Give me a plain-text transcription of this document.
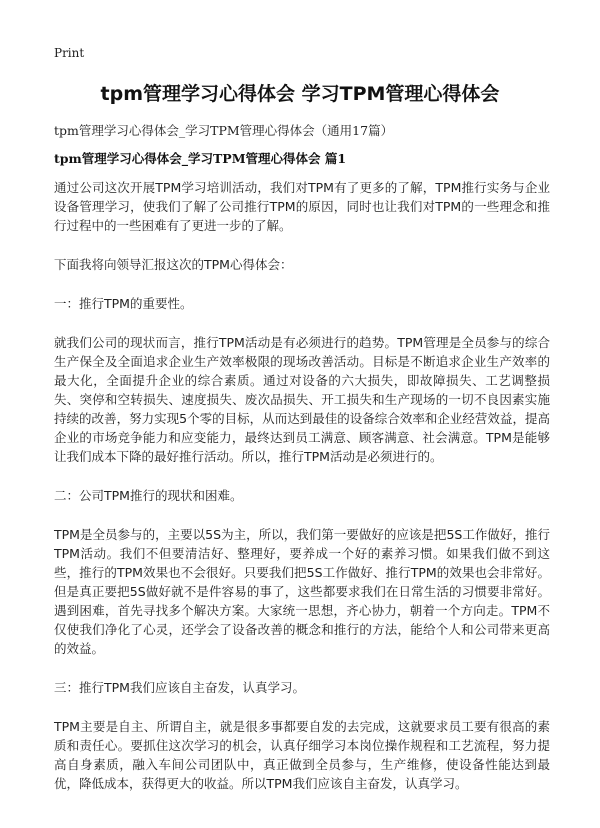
Print
tpm管理学习心得体会 学习TPM管理心得体会
tpm管理学习心得体会_学习TPM管理心得体会（通用17篇）
tpm管理学习心得体会_学习TPM管理心得体会 篇1

通过公司这次开展TPM学习培训活动，我们对TPM有了更多的了解，TPM推行实务与企业设备管理学习，使我们了解了公司推行TPM的原因，同时也让我们对TPM的一些理念和推行过程中的一些困难有了更进一步的了解。

下面我将向领导汇报这次的TPM心得体会：

一：推行TPM的重要性。

就我们公司的现状而言，推行TPM活动是有必须进行的趋势。TPM管理是全员参与的综合生产保全及全面追求企业生产效率极限的现场改善活动。目标是不断追求企业生产效率的最大化，全面提升企业的综合素质。通过对设备的六大损失，即故障损失、工艺调整损失、突停和空转损失、速度损失、废次品损失、开工损失和生产现场的一切不良因素实施持续的改善，努力实现5个零的目标，从而达到最佳的设备综合效率和企业经营效益，提高企业的市场竞争能力和应变能力，最终达到员工满意、顾客满意、社会满意。TPM是能够让我们成本下降的最好推行活动。所以，推行TPM活动是必须进行的。

二：公司TPM推行的现状和困难。

TPM是全员参与的，主要以5S为主，所以，我们第一要做好的应该是把5S工作做好，推行TPM活动。我们不但要清洁好、整理好，要养成一个好的素养习惯。如果我们做不到这些，推行的TPM效果也不会很好。只要我们把5S工作做好、推行TPM的效果也会非常好。但是真正要把5S做好就不是件容易的事了，这些都要求我们在日常生活的习惯要非常好。遇到困难，首先寻找多个解决方案。大家统一思想，齐心协力，朝着一个方向走。TPM不仅使我们净化了心灵，还学会了设备改善的概念和推行的方法，能给个人和公司带来更高的效益。

三：推行TPM我们应该自主奋发，认真学习。

TPM主要是自主、所谓自主，就是很多事都要自发的去完成，这就要求员工要有很高的素质和责任心。要抓住这次学习的机会，认真仔细学习本岗位操作规程和工艺流程，努力提高自身素质，融入车间公司团队中，真正做到全员参与，生产维修，使设备性能达到最优，降低成本，获得更大的收益。所以TPM我们应该自主奋发，认真学习。
